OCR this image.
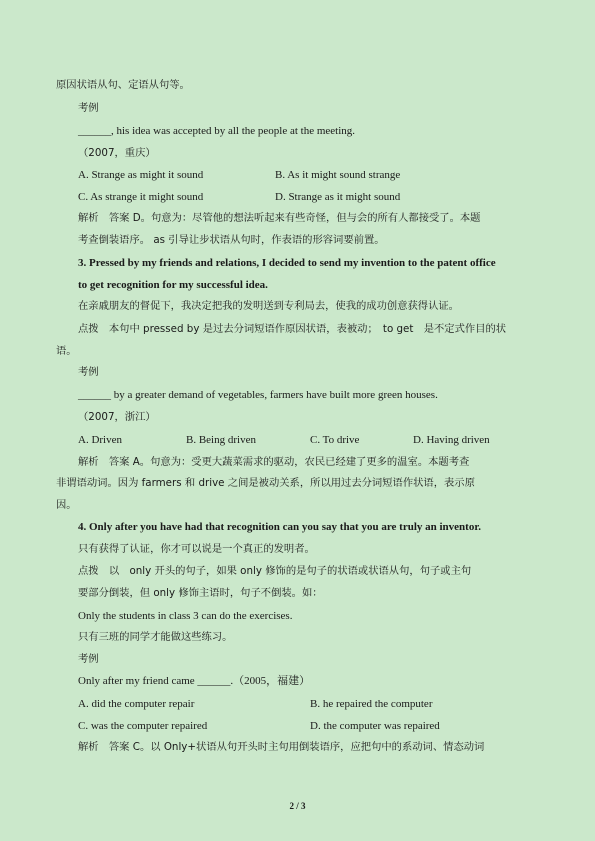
原因状语从句、定语从句等。
考例
______, his idea was accepted by all the people at the meeting.
（2007，重庆）
A. Strange as might it sound	B. As it might sound strange
C. As strange it might sound	D. Strange as it might sound
解析　答案 D。句意为：尽管他的想法听起来有些奇怪，但与会的所有人都接受了。本题
考查倒装语序。 as 引导让步状语从句时，作表语的形容词要前置。
3. Pressed by my friends and relations, I decided to send my invention to the patent office
to get recognition for my successful idea.
在亲戚朋友的督促下，我决定把我的发明送到专利局去，使我的成功创意获得认证。
点拨　本句中 pressed by 是过去分词短语作原因状语，表被动；　to get　是不定式作目的状
语。
考例
______ by a greater demand of vegetables, farmers have built more green houses.
（2007，浙江）
A. Driven	B. Being driven	C. To drive	D. Having driven
解析　答案 A。句意为：受更大蔬菜需求的驱动，农民已经建了更多的温室。本题考查
非谓语动词。因为 farmers 和 drive 之间是被动关系，所以用过去分词短语作状语，表示原
因。
4. Only after you have had that recognition can you say that you are truly an inventor.
只有获得了认证，你才可以说是一个真正的发明者。
点拨　以　only 开头的句子，如果 only 修饰的是句子的状语或状语从句，句子或主句
要部分倒装，但 only 修饰主语时，句子不倒装。如：
Only the students in class 3 can do the exercises.
只有三班的同学才能做这些练习。
考例
Only after my friend came ______.（2005，福建）
A. did the computer repair	B. he repaired the computer
C. was the computer repaired	D. the computer was repaired
解析　答案 C。以 Only+状语从句开头时主句用倒装语序，应把句中的系动词、情态动词
2 / 3
